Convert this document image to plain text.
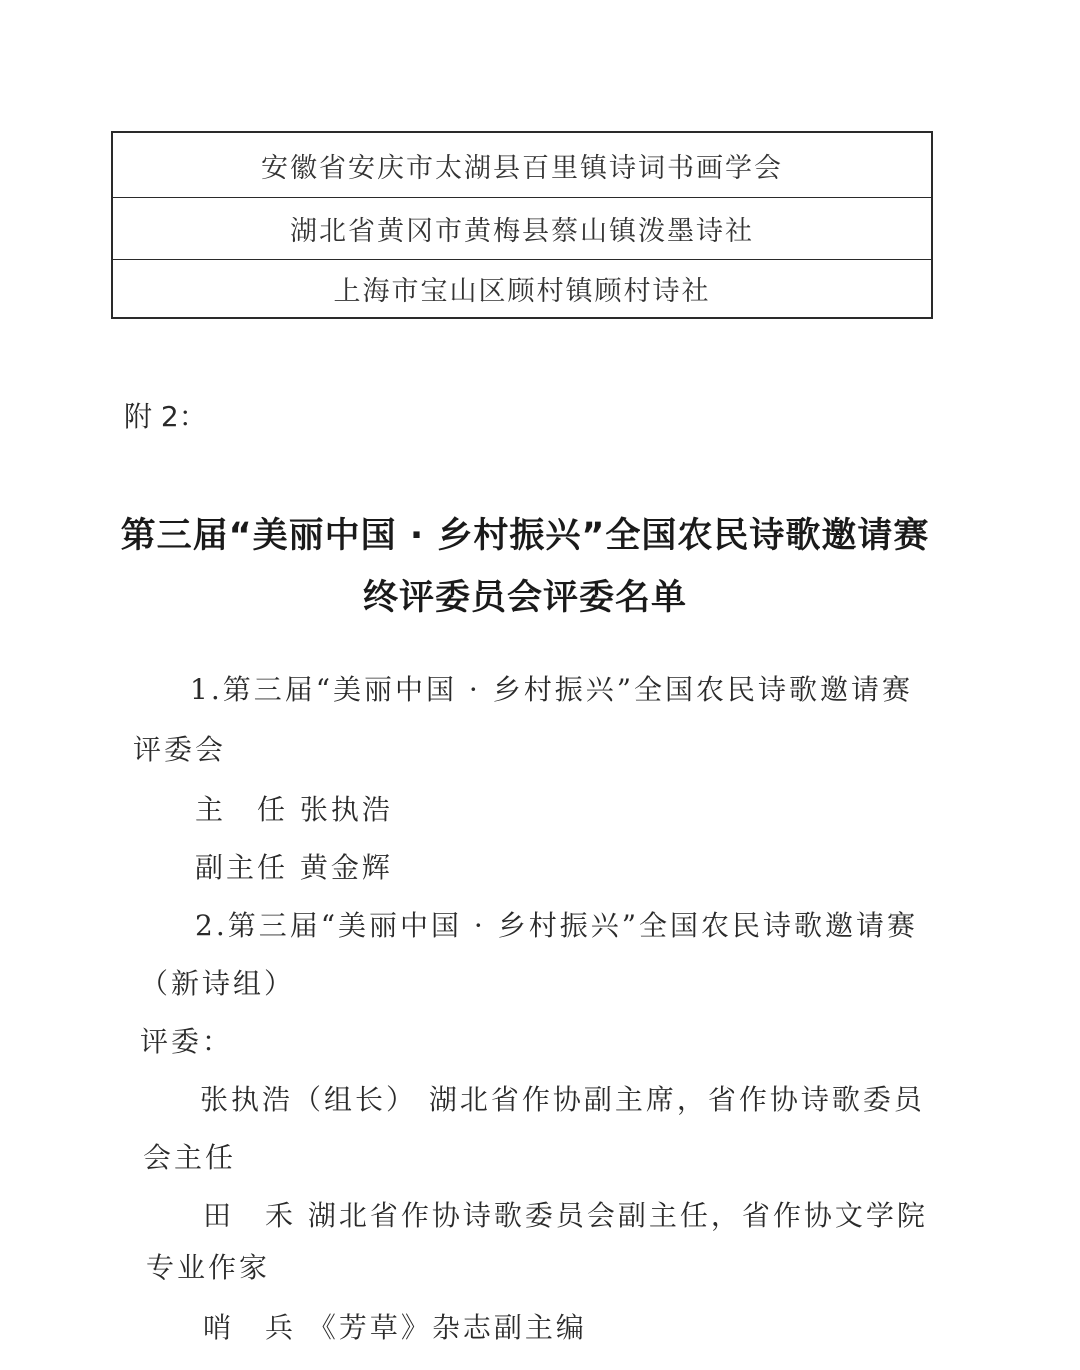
安徽省安庆市太湖县百里镇诗词书画学会
湖北省黄冈市黄梅县蔡山镇泼墨诗社
上海市宝山区顾村镇顾村诗社
附 2：
第三届“美丽中国 · 乡村振兴”全国农民诗歌邀请赛
终评委员会评委名单
1.第三届“美丽中国 · 乡村振兴”全国农民诗歌邀请赛
评委会
主　任 张执浩
副主任 黄金辉
2.第三届“美丽中国 · 乡村振兴”全国农民诗歌邀请赛
（新诗组）
评委：
张执浩（组长） 湖北省作协副主席，省作协诗歌委员
会主任
田　禾 湖北省作协诗歌委员会副主任，省作协文学院
专业作家
哨　兵 《芳草》杂志副主编
